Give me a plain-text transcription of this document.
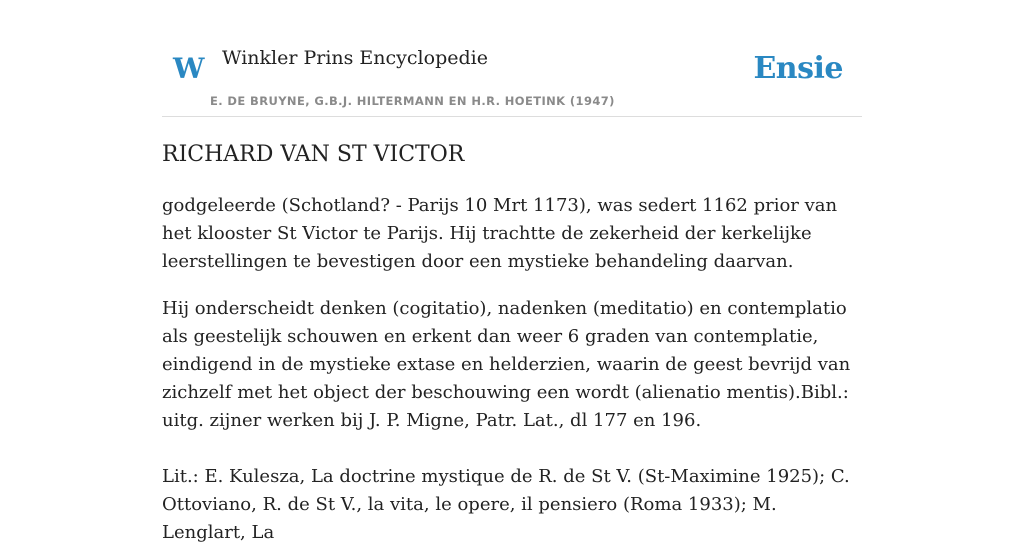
W Winkler Prins Encyclopedie
E. DE BRUYNE, G.B.J. HILTERMANN EN H.R. HOETINK (1947)
Ensie
RICHARD VAN ST VICTOR

godgeleerde (Schotland? - Parijs 10 Mrt 1173), was sedert 1162 prior van het klooster St Victor te Parijs. Hij trachtte de zekerheid der kerkelijke leerstellingen te bevestigen door een mystieke behandeling daarvan.

Hij onderscheidt denken (cogitatio), nadenken (meditatio) en contemplatio als geestelijk schouwen en erkent dan weer 6 graden van contemplatie, eindigend in de mystieke extase en helderzien, waarin de geest bevrijd van zichzelf met het object der beschouwing een wordt (alienatio mentis).Bibl.: uitg. zijner werken bij J. P. Migne, Patr. Lat., dl 177 en 196.

Lit.: E. Kulesza, La doctrine mystique de R. de St V. (St-Maximine 1925); C. Ottoviano, R. de St V., la vita, le opere, il pensiero (Roma 1933); M. Lenglart, La
